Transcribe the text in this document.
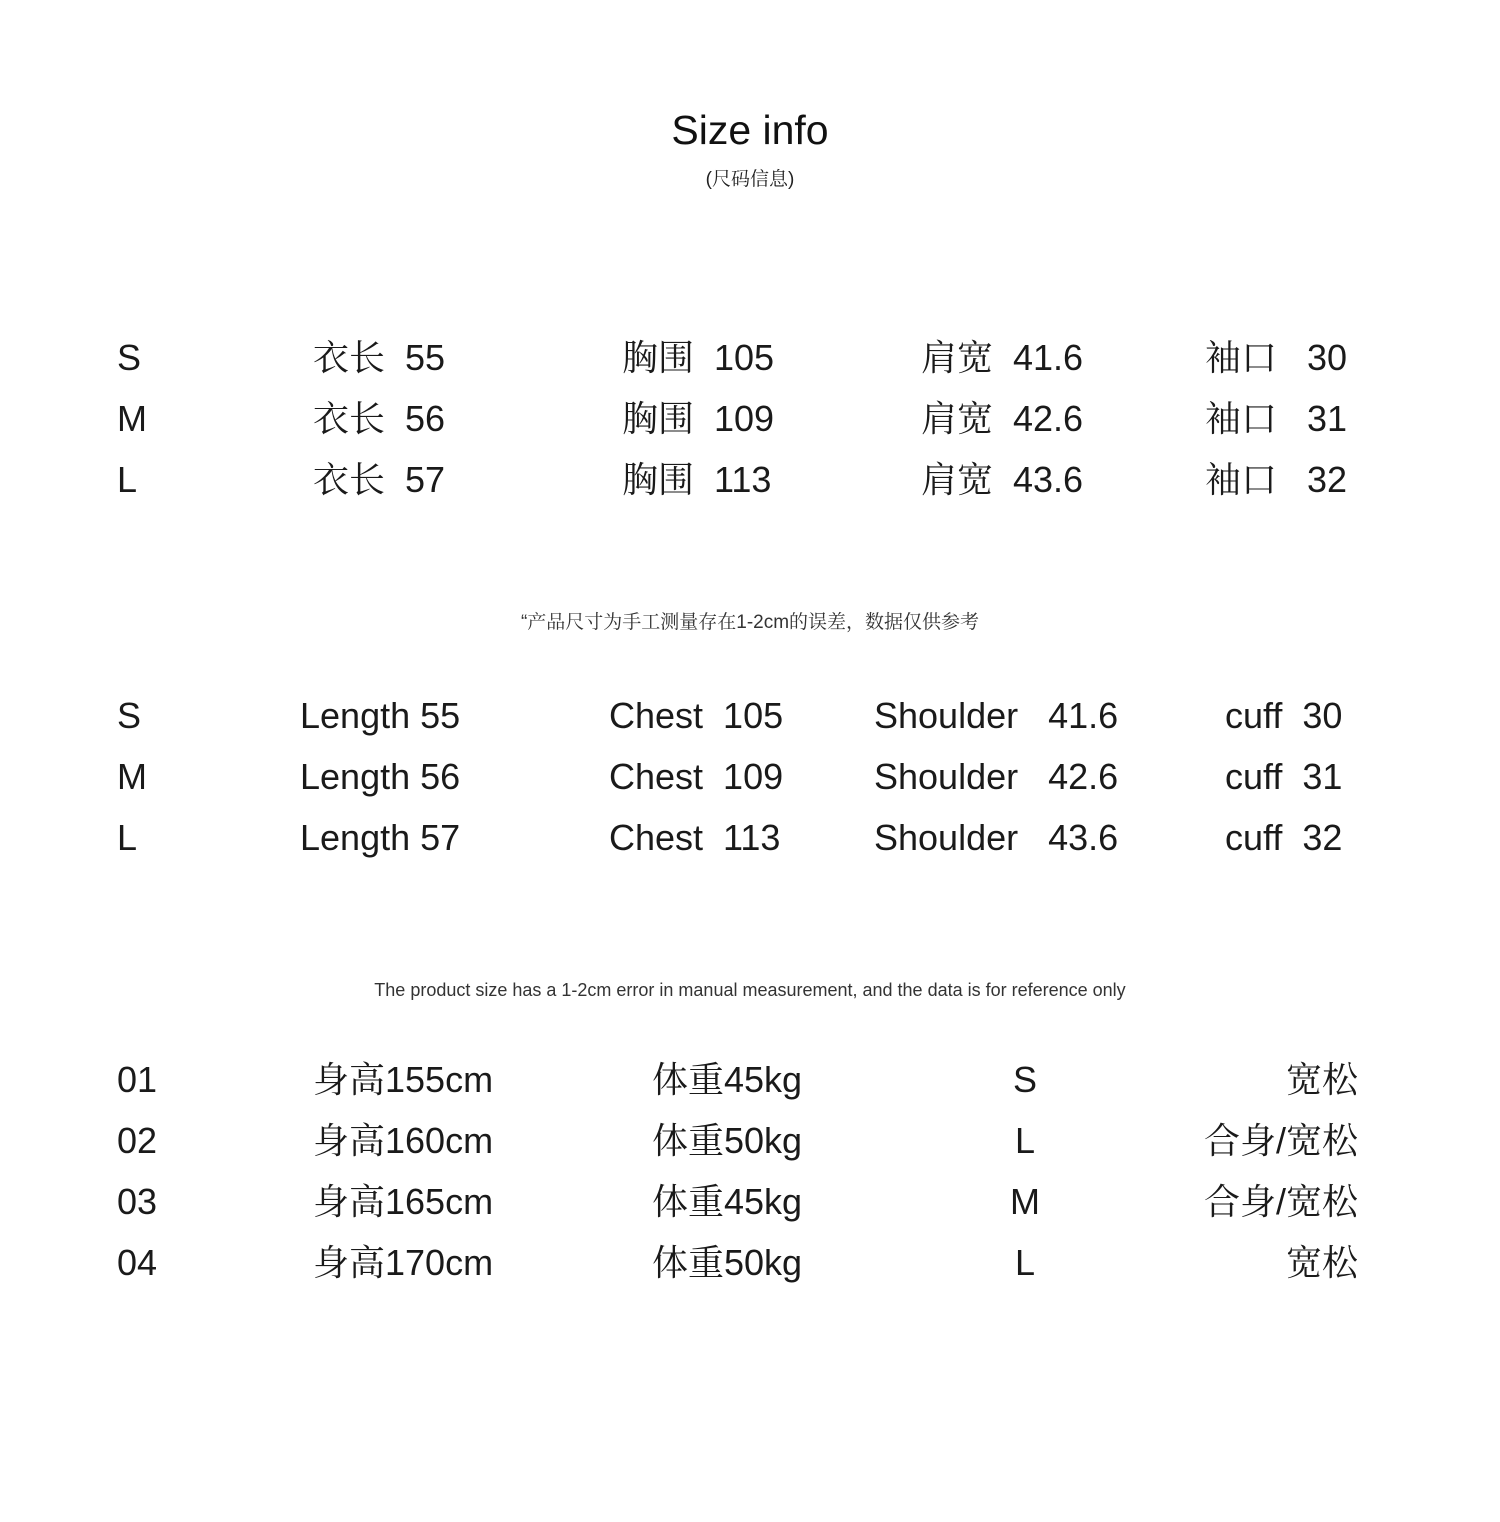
Size info
(尺码信息)
S	衣长  55	胸围  105	肩宽  41.6	袖口   30
M	衣长  56	胸围  109	肩宽  42.6	袖口   31
L	衣长  57	胸围  113	肩宽  43.6	袖口   32
“产品尺寸为手工测量存在1-2cm的误差，数据仅供参考
S	Length 55	Chest  105	Shoulder   41.6	cuff  30
M	Length 56	Chest  109	Shoulder   42.6	cuff  31
L	Length 57	Chest  113	Shoulder   43.6	cuff  32
The product size has a 1-2cm error in manual measurement, and the data is for reference only
01	身高155cm	体重45kg	S	宽松
02	身高160cm	体重50kg	L	合身/宽松
03	身高165cm	体重45kg	M	合身/宽松
04	身高170cm	体重50kg	L	宽松
